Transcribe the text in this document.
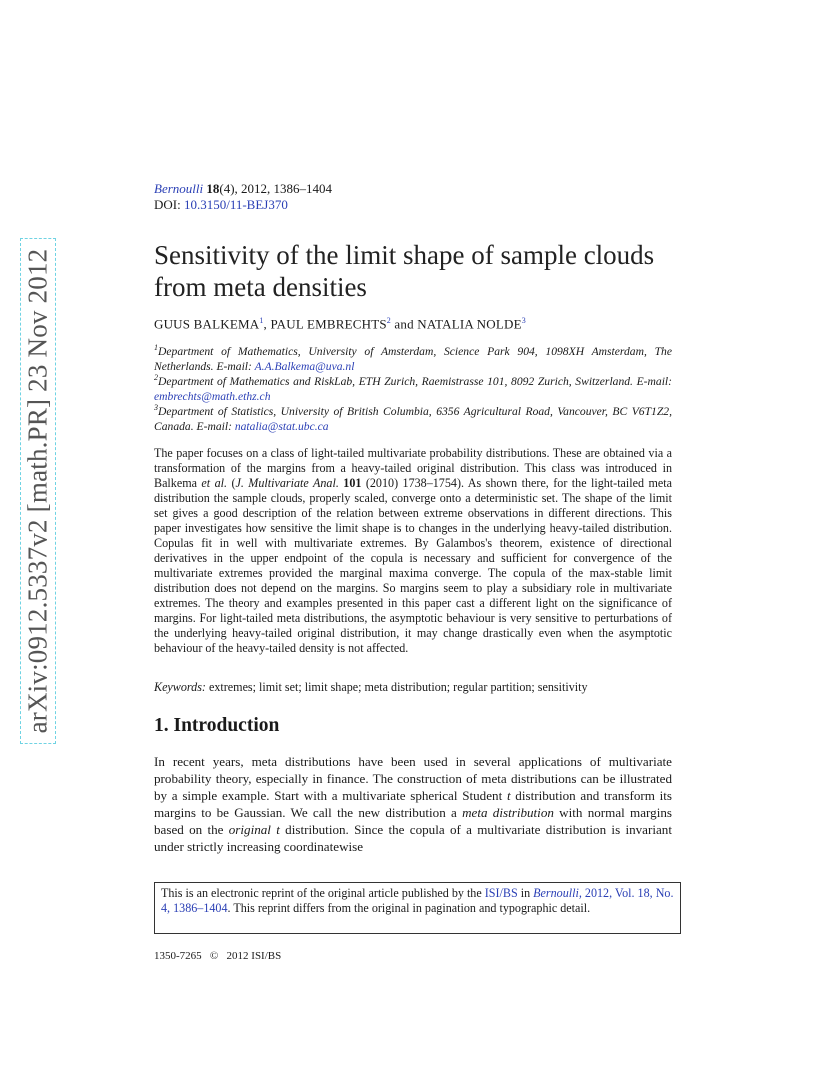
arXiv:0912.5337v2 [math.PR] 23 Nov 2012
Bernoulli 18(4), 2012, 1386–1404
DOI: 10.3150/11-BEJ370
Sensitivity of the limit shape of sample clouds from meta densities
GUUS BALKEMA$^1$, PAUL EMBRECHTS$^2$ and NATALIA NOLDE$^3$
$^1$Department of Mathematics, University of Amsterdam, Science Park 904, 1098XH Amsterdam, The Netherlands. E-mail: A.A.Balkema@uva.nl
$^2$Department of Mathematics and RiskLab, ETH Zurich, Raemistrasse 101, 8092 Zurich, Switzerland. E-mail: embrechts@math.ethz.ch
$^3$Department of Statistics, University of British Columbia, 6356 Agricultural Road, Vancouver, BC V6T1Z2, Canada. E-mail: natalia@stat.ubc.ca
The paper focuses on a class of light-tailed multivariate probability distributions. These are obtained via a transformation of the margins from a heavy-tailed original distribution. This class was introduced in Balkema et al. (J. Multivariate Anal. 101 (2010) 1738–1754). As shown there, for the light-tailed meta distribution the sample clouds, properly scaled, converge onto a deterministic set. The shape of the limit set gives a good description of the relation between extreme observations in different directions. This paper investigates how sensitive the limit shape is to changes in the underlying heavy-tailed distribution. Copulas fit in well with multivariate extremes. By Galambos's theorem, existence of directional derivatives in the upper endpoint of the copula is necessary and sufficient for convergence of the multivariate extremes provided the marginal maxima converge. The copula of the max-stable limit distribution does not depend on the margins. So margins seem to play a subsidiary role in multivariate extremes. The theory and examples presented in this paper cast a different light on the significance of margins. For light-tailed meta distributions, the asymptotic behaviour is very sensitive to perturbations of the underlying heavy-tailed original distribution, it may change drastically even when the asymptotic behaviour of the heavy-tailed density is not affected.
Keywords: extremes; limit set; limit shape; meta distribution; regular partition; sensitivity
1. Introduction
In recent years, meta distributions have been used in several applications of multivariate probability theory, especially in finance. The construction of meta distributions can be illustrated by a simple example. Start with a multivariate spherical Student t distribution and transform its margins to be Gaussian. We call the new distribution a meta distribution with normal margins based on the original t distribution. Since the copula of a multivariate distribution is invariant under strictly increasing coordinatewise
This is an electronic reprint of the original article published by the ISI/BS in Bernoulli, 2012, Vol. 18, No. 4, 1386–1404. This reprint differs from the original in pagination and typographic detail.
1350-7265 © 2012 ISI/BS
